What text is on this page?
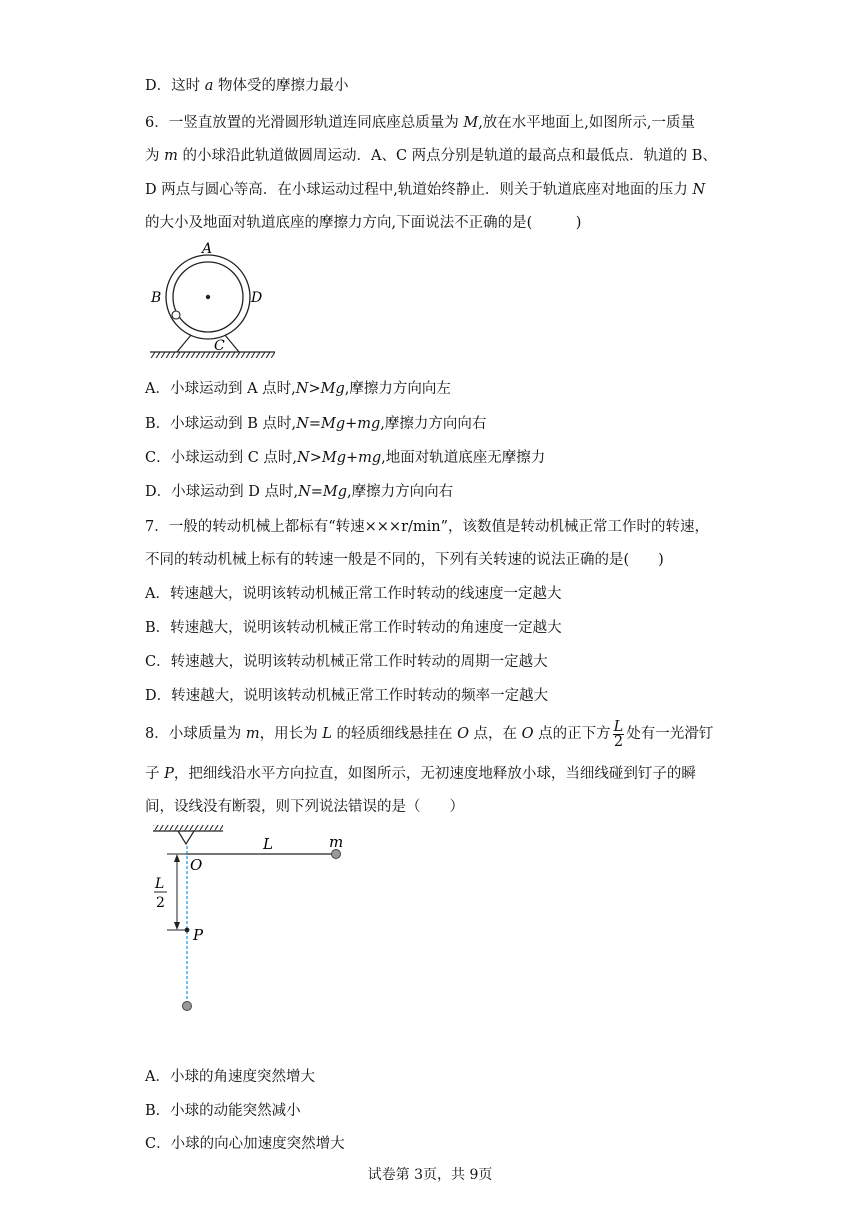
D．这时 a 物体受的摩擦力最小
6．一竖直放置的光滑圆形轨道连同底座总质量为 M,放在水平地面上,如图所示,一质量
为 m 的小球沿此轨道做圆周运动．A、C 两点分别是轨道的最高点和最低点．轨道的 B、
D 两点与圆心等高．在小球运动过程中,轨道始终静止．则关于轨道底座对地面的压力 N
的大小及地面对轨道底座的摩擦力方向,下面说法不正确的是(　　　)
A
B	D
C
A．小球运动到 A 点时,N>Mg,摩擦力方向向左
B．小球运动到 B 点时,N=Mg+mg,摩擦力方向向右
C．小球运动到 C 点时,N>Mg+mg,地面对轨道底座无摩擦力
D．小球运动到 D 点时,N=Mg,摩擦力方向向右
7．一般的转动机械上都标有“转速×××r/min”，该数值是转动机械正常工作时的转速，
不同的转动机械上标有的转速一般是不同的，下列有关转速的说法正确的是(　　)
A．转速越大，说明该转动机械正常工作时转动的线速度一定越大
B．转速越大，说明该转动机械正常工作时转动的角速度一定越大
C．转速越大，说明该转动机械正常工作时转动的周期一定越大
D．转速越大，说明该转动机械正常工作时转动的频率一定越大
8．小球质量为 m，用长为 L 的轻质细线悬挂在 O 点，在 O 点的正下方 $\frac{L}{2}$ 处有一光滑钉
子 P，把细线沿水平方向拉直，如图所示，无初速度地释放小球，当细线碰到钉子的瞬
间，设线没有断裂，则下列说法错误的是（　　）
O
L	m
L
2
P
A．小球的角速度突然增大
B．小球的动能突然减小
C．小球的向心加速度突然增大
试卷第 3页，共 9页
